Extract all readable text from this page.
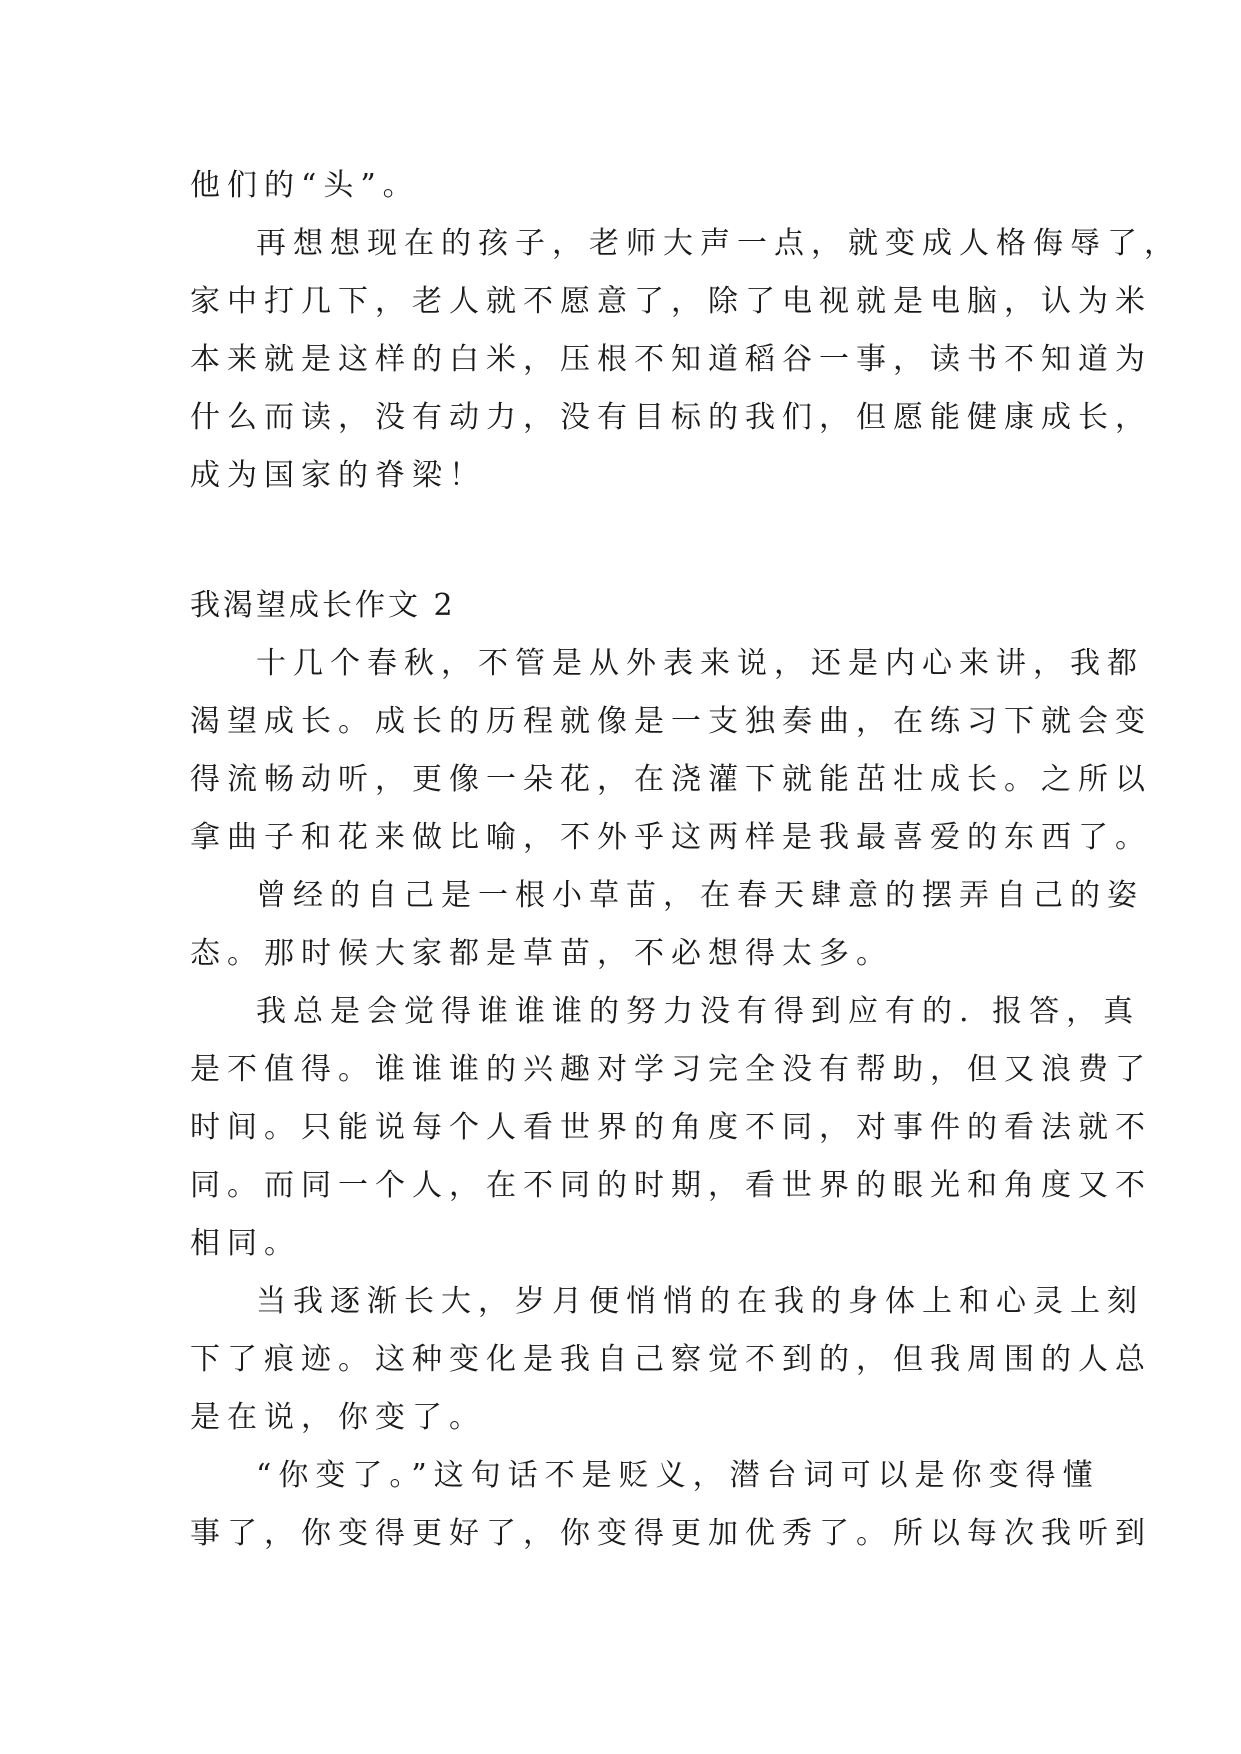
他们的“头”。
再想想现在的孩子，老师大声一点，就变成人格侮辱了，
家中打几下，老人就不愿意了，除了电视就是电脑，认为米
本来就是这样的白米，压根不知道稻谷一事，读书不知道为
什么而读，没有动力，没有目标的我们，但愿能健康成长，
成为国家的脊梁！
我渴望成长作文 2
十几个春秋，不管是从外表来说，还是内心来讲，我都
渴望成长。成长的历程就像是一支独奏曲，在练习下就会变
得流畅动听，更像一朵花，在浇灌下就能茁壮成长。之所以
拿曲子和花来做比喻，不外乎这两样是我最喜爱的东西了。
曾经的自己是一根小草苗，在春天肆意的摆弄自己的姿
态。那时候大家都是草苗，不必想得太多。
我总是会觉得谁谁谁的努力没有得到应有的. 报答，真
是不值得。谁谁谁的兴趣对学习完全没有帮助，但又浪费了
时间。只能说每个人看世界的角度不同，对事件的看法就不
同。而同一个人，在不同的时期，看世界的眼光和角度又不
相同。
当我逐渐长大，岁月便悄悄的在我的身体上和心灵上刻
下了痕迹。这种变化是我自己察觉不到的，但我周围的人总
是在说，你变了。
“你变了。”这句话不是贬义，潜台词可以是你变得懂
事了，你变得更好了，你变得更加优秀了。所以每次我听到
